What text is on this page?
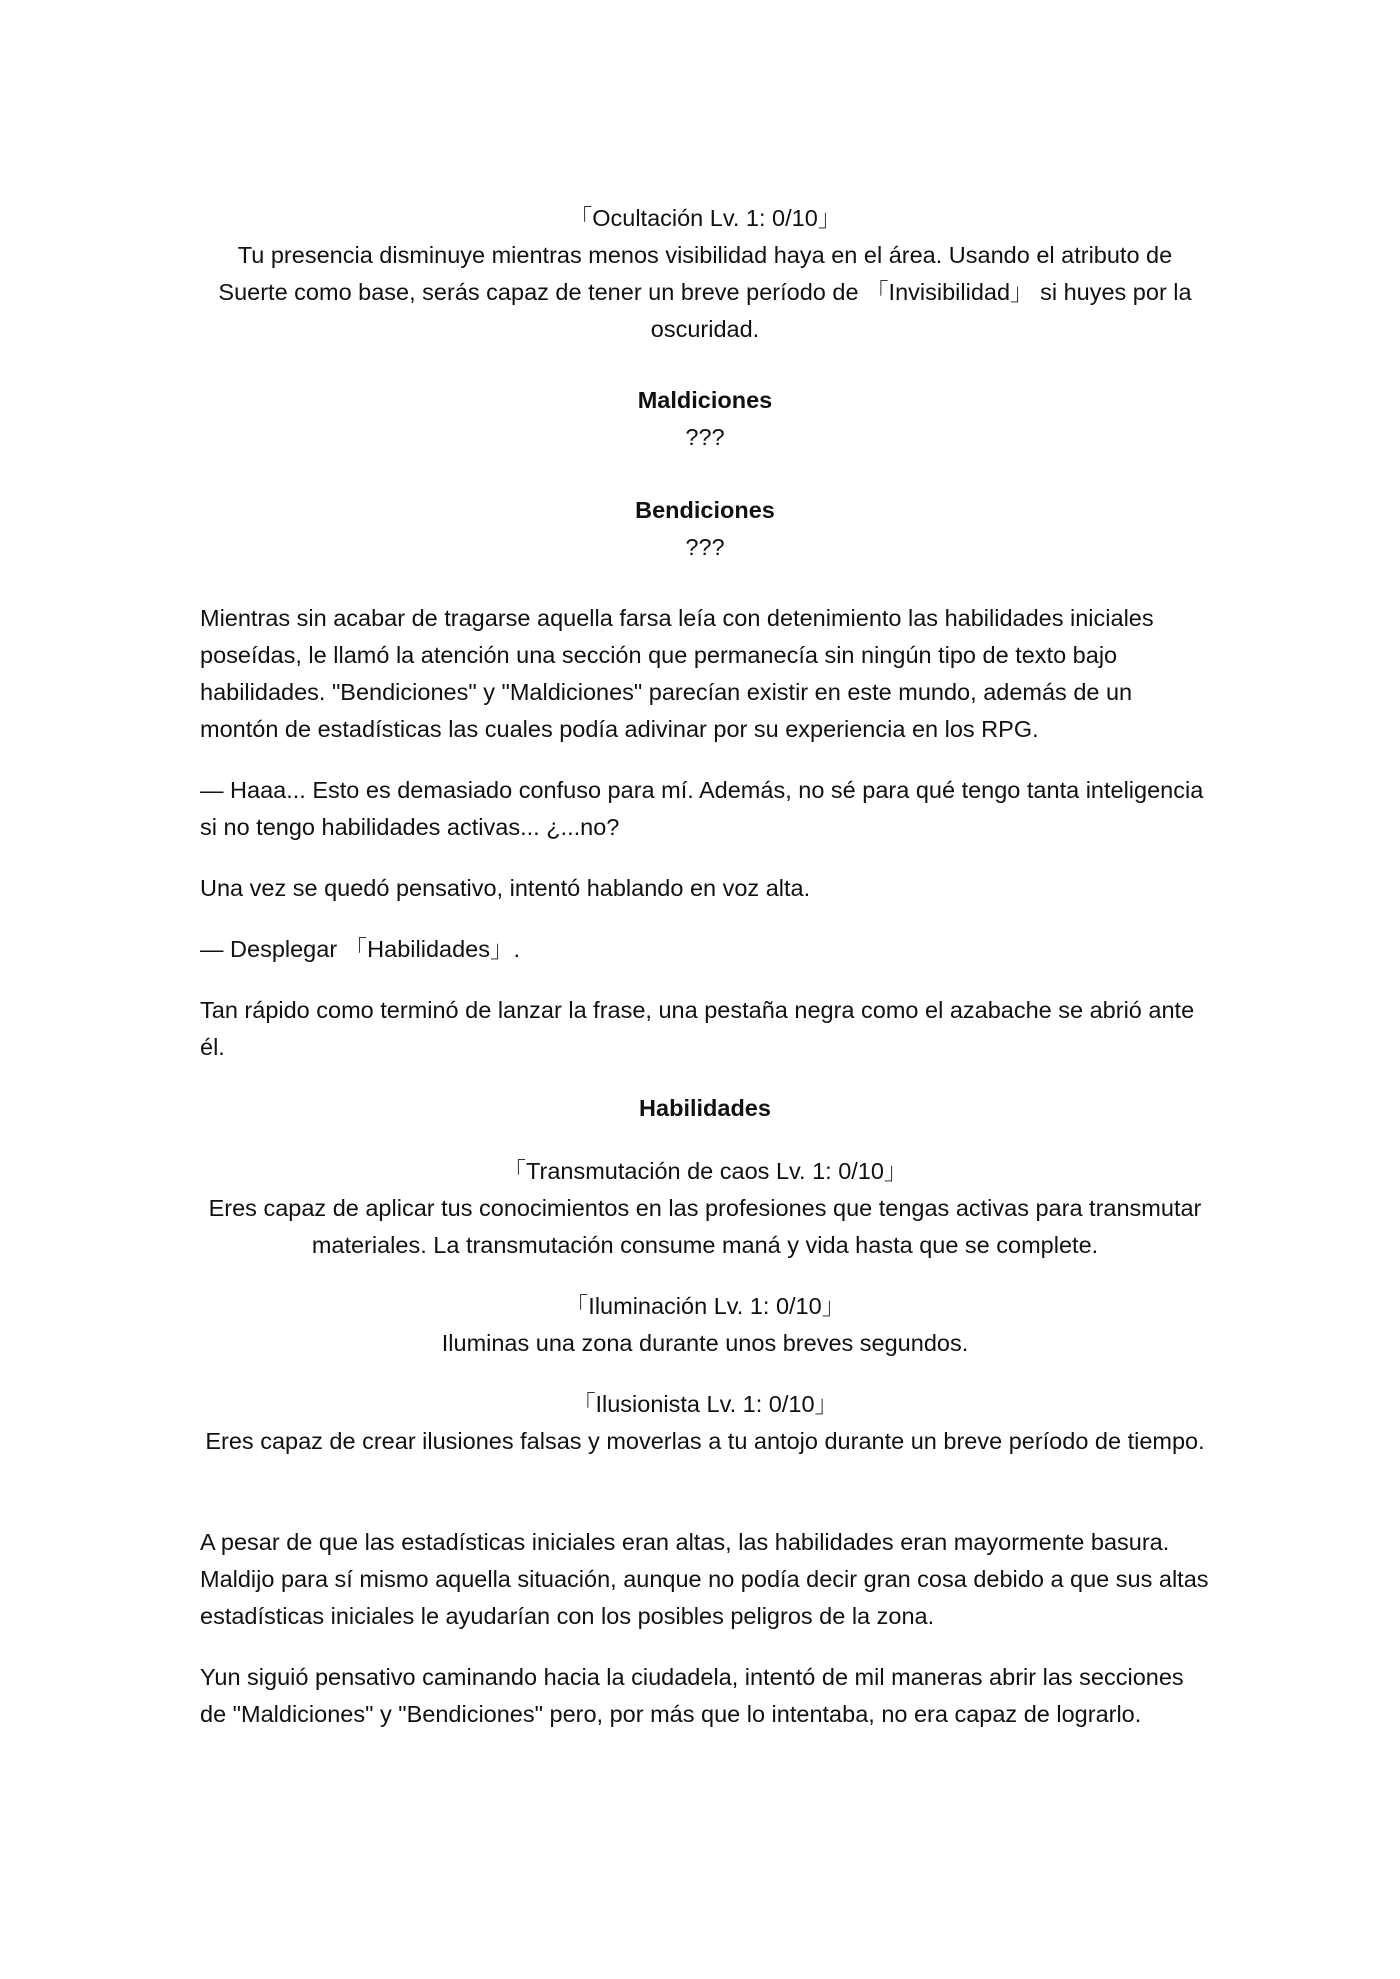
「Ocultación Lv. 1: 0/10」

Tu presencia disminuye mientras menos visibilidad haya en el área. Usando el atributo de Suerte como base, serás capaz de tener un breve período de 「Invisibilidad」 si huyes por la oscuridad.

Maldiciones

???

Bendiciones

???

Mientras sin acabar de tragarse aquella farsa leía con detenimiento las habilidades iniciales poseídas, le llamó la atención una sección que permanecía sin ningún tipo de texto bajo habilidades. "Bendiciones" y "Maldiciones" parecían existir en este mundo, además de un montón de estadísticas las cuales podía adivinar por su experiencia en los RPG.

— Haaa... Esto es demasiado confuso para mí. Además, no sé para qué tengo tanta inteligencia si no tengo habilidades activas... ¿...no?

Una vez se quedó pensativo, intentó hablando en voz alta.

— Desplegar 「Habilidades」.

Tan rápido como terminó de lanzar la frase, una pestaña negra como el azabache se abrió ante él.

Habilidades

「Transmutación de caos Lv. 1: 0/10」

Eres capaz de aplicar tus conocimientos en las profesiones que tengas activas para transmutar materiales. La transmutación consume maná y vida hasta que se complete.

「Iluminación Lv. 1: 0/10」

Iluminas una zona durante unos breves segundos.

「Ilusionista Lv. 1: 0/10」

Eres capaz de crear ilusiones falsas y moverlas a tu antojo durante un breve período de tiempo.

A pesar de que las estadísticas iniciales eran altas, las habilidades eran mayormente basura. Maldijo para sí mismo aquella situación, aunque no podía decir gran cosa debido a que sus altas estadísticas iniciales le ayudarían con los posibles peligros de la zona.

Yun siguió pensativo caminando hacia la ciudadela, intentó de mil maneras abrir las secciones de "Maldiciones" y "Bendiciones" pero, por más que lo intentaba, no era capaz de lograrlo.
